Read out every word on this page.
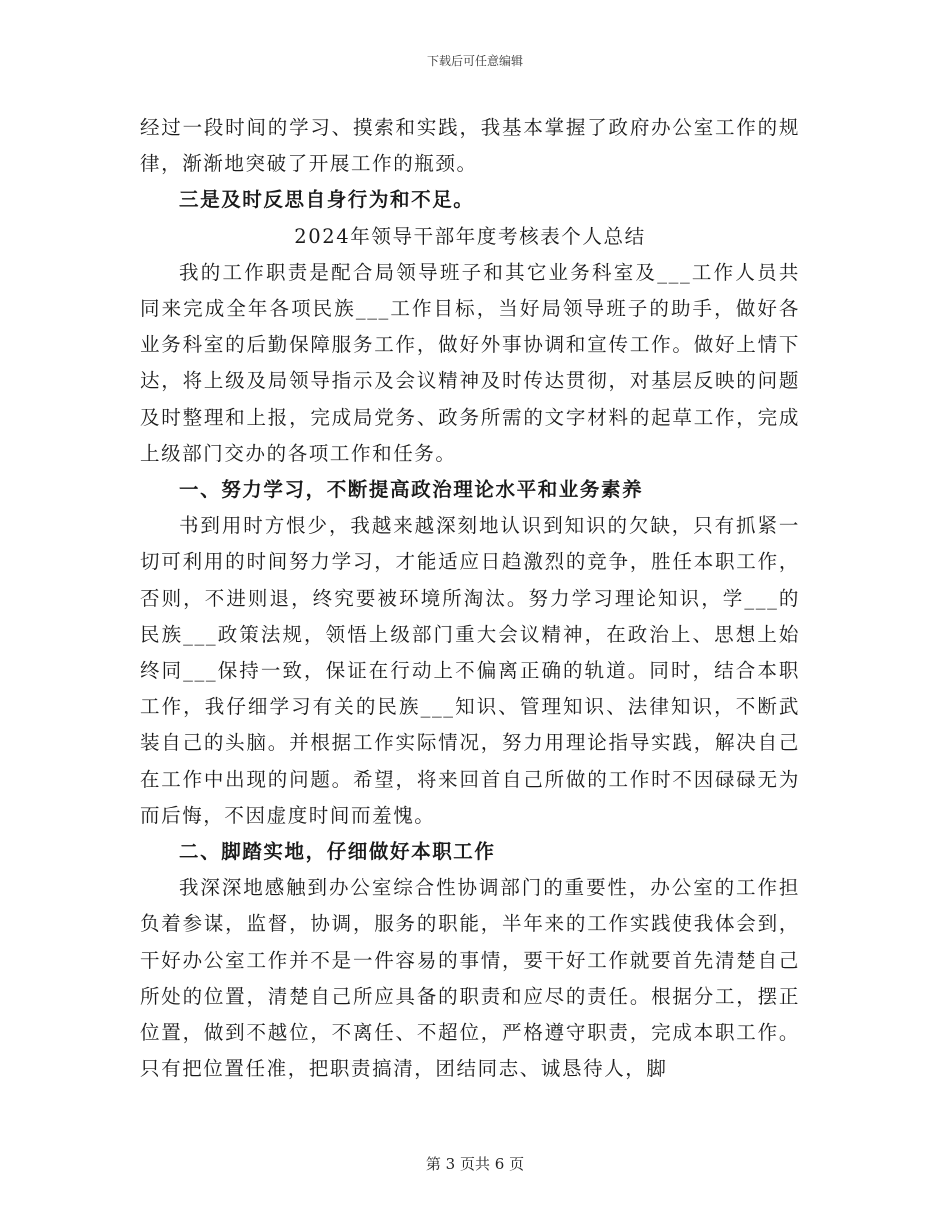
下载后可任意编辑

经过一段时间的学习、摸索和实践，我基本掌握了政府办公室工作的规律，渐渐地突破了开展工作的瓶颈。

三是及时反思自身行为和不足。

2024年领导干部年度考核表个人总结

我的工作职责是配合局领导班子和其它业务科室及___工作人员共同来完成全年各项民族___工作目标，当好局领导班子的助手，做好各业务科室的后勤保障服务工作，做好外事协调和宣传工作。做好上情下达，将上级及局领导指示及会议精神及时传达贯彻，对基层反映的问题及时整理和上报，完成局党务、政务所需的文字材料的起草工作，完成上级部门交办的各项工作和任务。

一、努力学习，不断提高政治理论水平和业务素养

书到用时方恨少，我越来越深刻地认识到知识的欠缺，只有抓紧一切可利用的时间努力学习，才能适应日趋激烈的竞争，胜任本职工作，否则，不进则退，终究要被环境所淘汰。努力学习理论知识，学___的民族___政策法规，领悟上级部门重大会议精神，在政治上、思想上始终同___保持一致，保证在行动上不偏离正确的轨道。同时，结合本职工作，我仔细学习有关的民族___知识、管理知识、法律知识，不断武装自己的头脑。并根据工作实际情况，努力用理论指导实践，解决自己在工作中出现的问题。希望，将来回首自己所做的工作时不因碌碌无为而后悔，不因虚度时间而羞愧。

二、脚踏实地，仔细做好本职工作

我深深地感触到办公室综合性协调部门的重要性，办公室的工作担负着参谋，监督，协调，服务的职能，半年来的工作实践使我体会到，干好办公室工作并不是一件容易的事情，要干好工作就要首先清楚自己所处的位置，清楚自己所应具备的职责和应尽的责任。根据分工，摆正位置，做到不越位，不离任、不超位，严格遵守职责，完成本职工作。只有把位置任准，把职责搞清，团结同志、诚恳待人，脚

第 3 页共 6 页
